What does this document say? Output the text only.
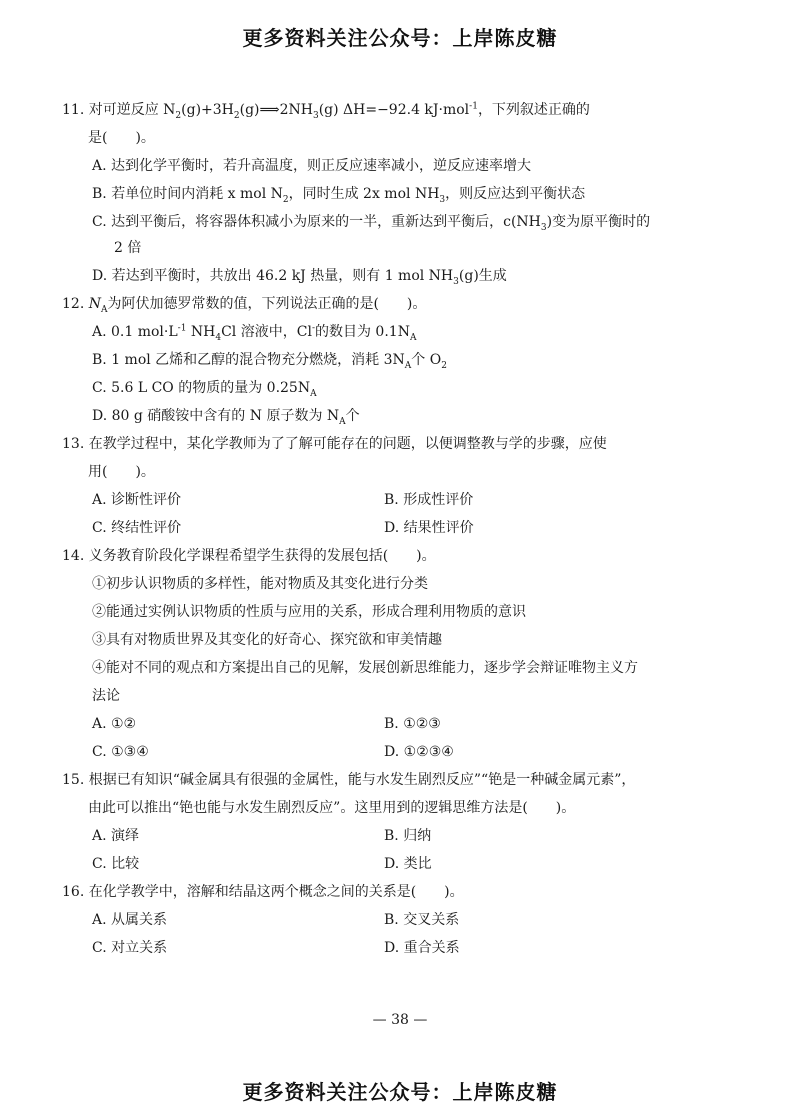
更多资料关注公众号：上岸陈皮糖
11. 对可逆反应 $N_2(g)+3H_2(g)⟹2NH_3(g)$ ΔH=−92.4 kJ·mol$^{-1}$，下列叙述正确的
是(　　)。
A. 达到化学平衡时，若升高温度，则正反应速率减小，逆反应速率增大
B. 若单位时间内消耗 x mol $N_2$，同时生成 2x mol $NH_3$，则反应达到平衡状态
C. 达到平衡后，将容器体积减小为原来的一半，重新达到平衡后，$c(NH_3)$变为原平衡时的
2 倍
D. 若达到平衡时，共放出 46.2 kJ 热量，则有 1 mol $NH_3(g)$生成
12. $N_A$为阿伏加德罗常数的值，下列说法正确的是(　　)。
A. 0.1 $mol\cdot L^{-1}$ $NH_4Cl$ 溶液中，Cl-的数目为 $0.1N_A$
B. 1 mol 乙烯和乙醇的混合物充分燃烧，消耗 $3N_A$个 $O_2$
C. 5.6 L CO 的物质的量为 $0.25N_A$
D. 80 g 硝酸铵中含有的 N 原子数为 $N_A$个
13. 在教学过程中，某化学教师为了了解可能存在的问题，以便调整教与学的步骤，应使
用(　　)。
A. 诊断性评价	B. 形成性评价
C. 终结性评价	D. 结果性评价
14. 义务教育阶段化学课程希望学生获得的发展包括(　　)。
①初步认识物质的多样性，能对物质及其变化进行分类
②能通过实例认识物质的性质与应用的关系，形成合理利用物质的意识
③具有对物质世界及其变化的好奇心、探究欲和审美情趣
④能对不同的观点和方案提出自己的见解，发展创新思维能力，逐步学会辩证唯物主义方
法论
A. ①②	B. ①②③
C. ①③④	D. ①②③④
15. 根据已有知识“碱金属具有很强的金属性，能与水发生剧烈反应”“铯是一种碱金属元素”，
由此可以推出“铯也能与水发生剧烈反应”。这里用到的逻辑思维方法是(　　)。
A. 演绎	B. 归纳
C. 比较	D. 类比
16. 在化学教学中，溶解和结晶这两个概念之间的关系是(　　)。
A. 从属关系	B. 交叉关系
C. 对立关系	D. 重合关系
— 38 —
更多资料关注公众号：上岸陈皮糖
